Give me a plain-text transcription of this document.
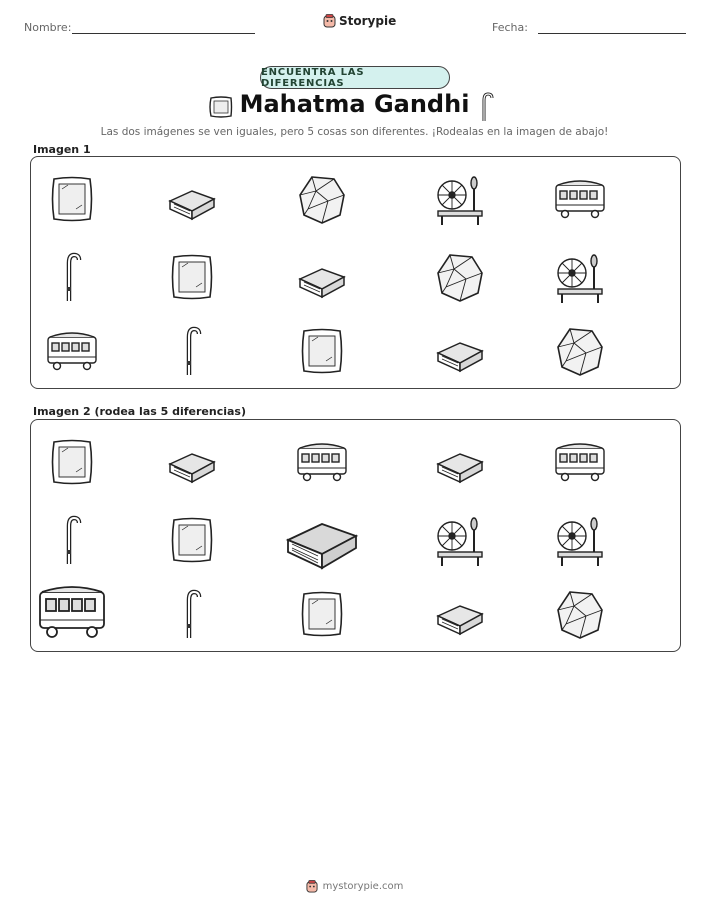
Nombre:	Storypie	Fecha:
ENCUENTRA LAS DIFERENCIAS
Mahatma Gandhi
Las dos imágenes se ven iguales, pero 5 cosas son diferentes. ¡Rodealas en la imagen de abajo!
Imagen 1
Imagen 2 (rodea las 5 diferencias)
mystorypie.com
